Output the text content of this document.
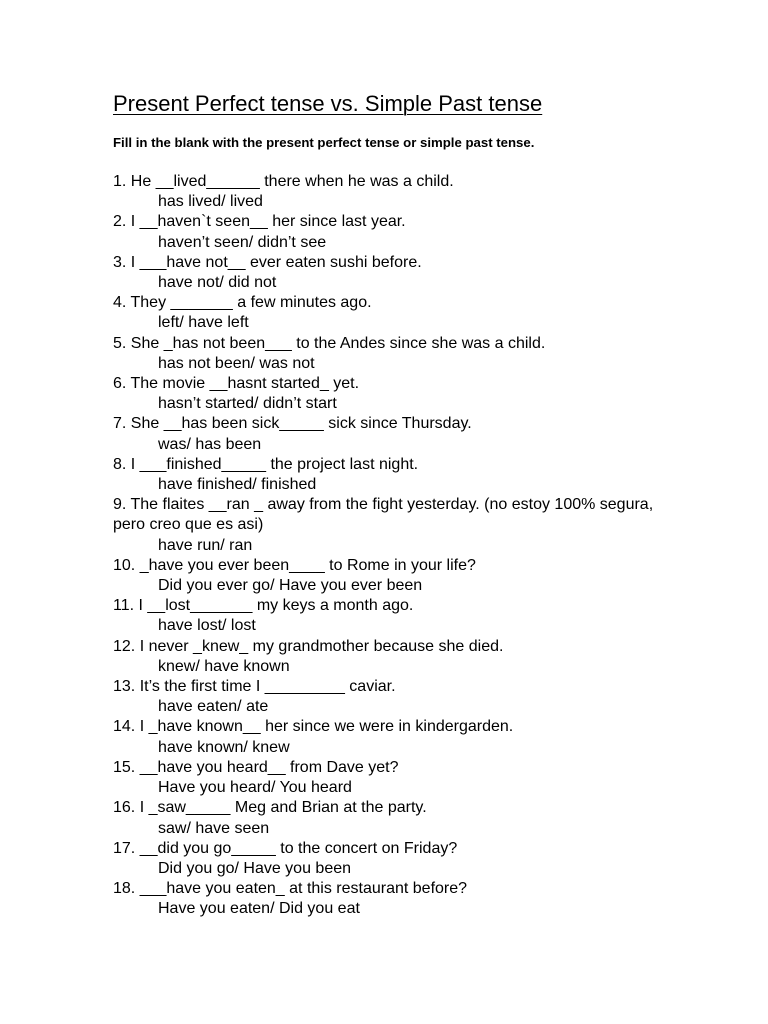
Present Perfect tense vs. Simple Past tense
Fill in the blank with the present perfect tense or simple past tense.
1. He __lived______ there when he was a child.
has lived/ lived
2. I __haven`t seen__ her since last year.
haven’t seen/ didn’t see
3. I ___have not__ ever eaten sushi before.
have not/ did not
4. They _______ a few minutes ago.
left/ have left
5. She _has not been___ to the Andes since she was a child.
has not been/ was not
6. The movie __hasnt started_ yet.
hasn’t started/ didn’t start
7. She __has been sick_____ sick since Thursday.
was/ has been
8. I ___finished_____ the project last night.
have finished/ finished
9. The flaites __ran _ away from the fight yesterday. (no estoy 100% segura, pero creo que es asi)
have run/ ran
10. _have you ever been____ to Rome in your life?
Did you ever go/ Have you ever been
11. I __lost_______ my keys a month ago.
have lost/ lost
12. I never _knew_ my grandmother because she died.
knew/ have known
13. It’s the first time I _________ caviar.
have eaten/ ate
14. I _have known__ her since we were in kindergarden.
have known/ knew
15. __have you heard__ from Dave yet?
Have you heard/ You heard
16. I _saw_____ Meg and Brian at the party.
saw/ have seen
17. __did you go_____ to the concert on Friday?
Did you go/ Have you been
18. ___have you eaten_ at this restaurant before?
Have you eaten/ Did you eat
